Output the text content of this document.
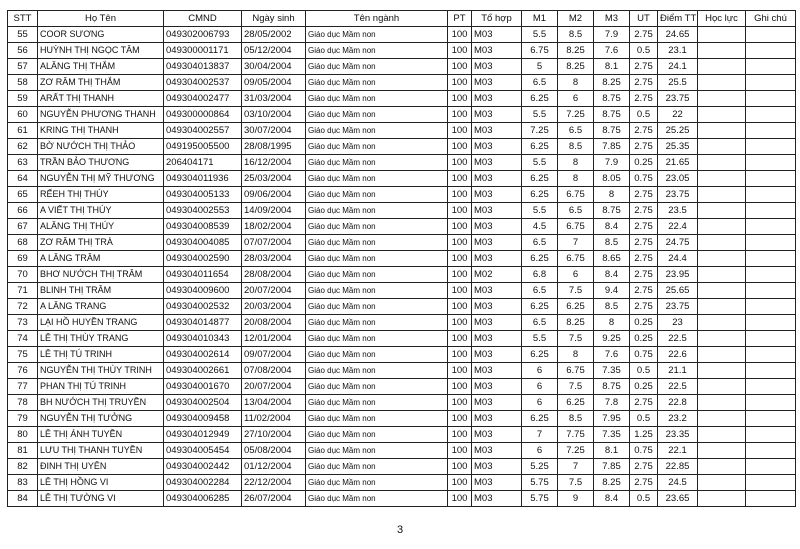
STT	Họ Tên	CMND	Ngày sinh	Tên ngành	PT	Tổ hợp	M1	M2	M3	UT	Điểm TT	Học lực	Ghi chú
55	COOR SƯƠNG	049302006793	28/05/2002	Giáo dục Mầm non	100	M03	5.5	8.5	7.9	2.75	24.65		
56	HUỲNH THỊ NGỌC TÂM	049300001171	05/12/2004	Giáo dục Mầm non	100	M03	6.75	8.25	7.6	0.5	23.1		
57	ALĂNG THỊ THẮM	049304013837	30/04/2004	Giáo dục Mầm non	100	M03	5	8.25	8.1	2.75	24.1		
58	ZƠ RÂM THỊ THẮM	049304002537	09/05/2004	Giáo dục Mầm non	100	M03	6.5	8	8.25	2.75	25.5		
59	ARẤT THỊ THANH	049304002477	31/03/2004	Giáo dục Mầm non	100	M03	6.25	6	8.75	2.75	23.75		
60	NGUYỄN PHƯƠNG THANH	049300000864	03/10/2004	Giáo dục Mầm non	100	M03	5.5	7.25	8.75	0.5	22		
61	KRING THỊ THANH	049304002557	30/07/2004	Giáo dục Mầm non	100	M03	7.25	6.5	8.75	2.75	25.25		
62	BỜ NƯỚCH THỊ THẢO	049195005500	28/08/1995	Giáo dục Mầm non	100	M03	6.25	8.5	7.85	2.75	25.35		
63	TRẦN BẢO THƯƠNG	206404171	16/12/2004	Giáo dục Mầm non	100	M03	5.5	8	7.9	0.25	21.65		
64	NGUYỄN THỊ MỸ THƯƠNG	049304011936	25/03/2004	Giáo dục Mầm non	100	M03	6.25	8	8.05	0.75	23.05		
65	RẾEH THỊ THÚY	049304005133	09/06/2004	Giáo dục Mầm non	100	M03	6.25	6.75	8	2.75	23.75		
66	A VIẾT THỊ THÚY	049304002553	14/09/2004	Giáo dục Mầm non	100	M03	5.5	6.5	8.75	2.75	23.5		
67	ALĂNG THỊ THÚY	049304008539	18/02/2004	Giáo dục Mầm non	100	M03	4.5	6.75	8.4	2.75	22.4		
68	ZƠ RÂM THỊ TRÀ	049304004085	07/07/2004	Giáo dục Mầm non	100	M03	6.5	7	8.5	2.75	24.75		
69	A LĂNG TRÂM	049304002590	28/03/2004	Giáo dục Mầm non	100	M03	6.25	6.75	8.65	2.75	24.4		
70	BHƠ NƯỚCH THỊ TRÂM	049304011654	28/08/2004	Giáo dục Mầm non	100	M02	6.8	6	8.4	2.75	23.95		
71	BLINH THỊ TRÂM	049304009600	20/07/2004	Giáo dục Mầm non	100	M03	6.5	7.5	9.4	2.75	25.65		
72	A LĂNG TRANG	049304002532	20/03/2004	Giáo dục Mầm non	100	M03	6.25	6.25	8.5	2.75	23.75		
73	LẠI HỒ HUYỀN TRANG	049304014877	20/08/2004	Giáo dục Mầm non	100	M03	6.5	8.25	8	0.25	23		
74	LÊ THỊ THÙY TRANG	049304010343	12/01/2004	Giáo dục Mầm non	100	M03	5.5	7.5	9.25	0.25	22.5		
75	LÊ THỊ TÚ TRINH	049304002614	09/07/2004	Giáo dục Mầm non	100	M03	6.25	8	7.6	0.75	22.6		
76	NGUYỄN THỊ THÙY TRINH	049304002661	07/08/2004	Giáo dục Mầm non	100	M03	6	6.75	7.35	0.5	21.1		
77	PHAN THỊ TÚ TRINH	049304001670	20/07/2004	Giáo dục Mầm non	100	M03	6	7.5	8.75	0.25	22.5		
78	BH NƯỚCH THỊ TRUYỀN	049304002504	13/04/2004	Giáo dục Mầm non	100	M03	6	6.25	7.8	2.75	22.8		
79	NGUYỄN THỊ TƯỞNG	049304009458	11/02/2004	Giáo dục Mầm non	100	M03	6.25	8.5	7.95	0.5	23.2		
80	LÊ THỊ ÁNH TUYỀN	049304012949	27/10/2004	Giáo dục Mầm non	100	M03	7	7.75	7.35	1.25	23.35		
81	LƯU THỊ THANH TUYỀN	049304005454	05/08/2004	Giáo dục Mầm non	100	M03	6	7.25	8.1	0.75	22.1		
82	ĐINH THỊ UYÊN	049304002442	01/12/2004	Giáo dục Mầm non	100	M03	5.25	7	7.85	2.75	22.85		
83	LÊ THỊ HỒNG VI	049304002284	22/12/2004	Giáo dục Mầm non	100	M03	5.75	7.5	8.25	2.75	24.5		
84	LÊ THỊ TƯỜNG VI	049304006285	26/07/2004	Giáo dục Mầm non	100	M03	5.75	9	8.4	0.5	23.65		
3
